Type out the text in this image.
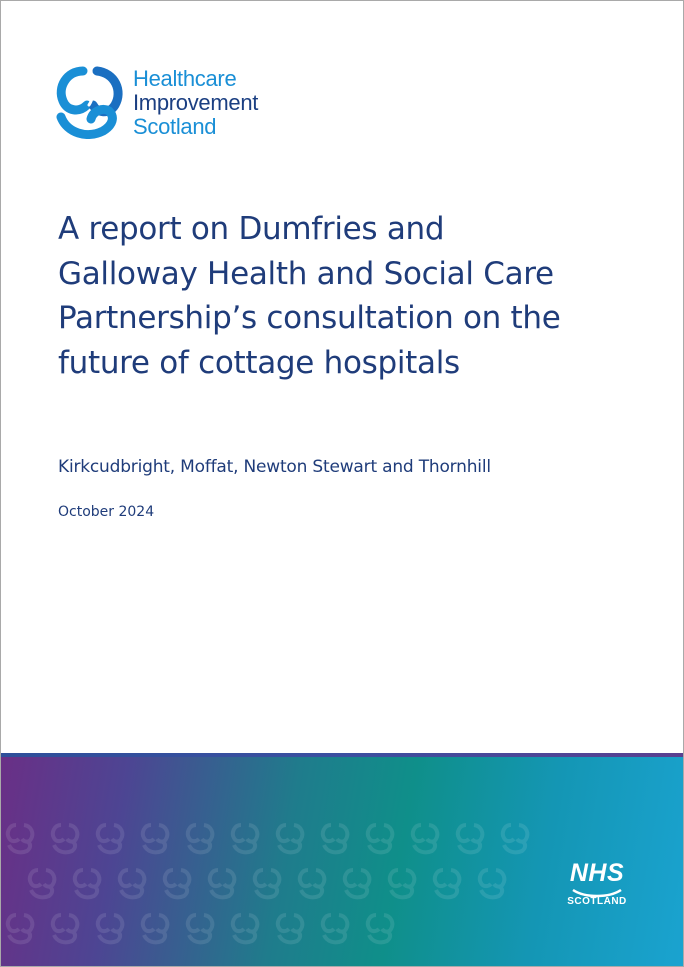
Healthcare
Improvement
Scotland
A report on Dumfries and Galloway Health and Social Care Partnership’s consultation on the future of cottage hospitals
Kirkcudbright, Moffat, Newton Stewart and Thornhill
October 2024
NHS
SCOTLAND
